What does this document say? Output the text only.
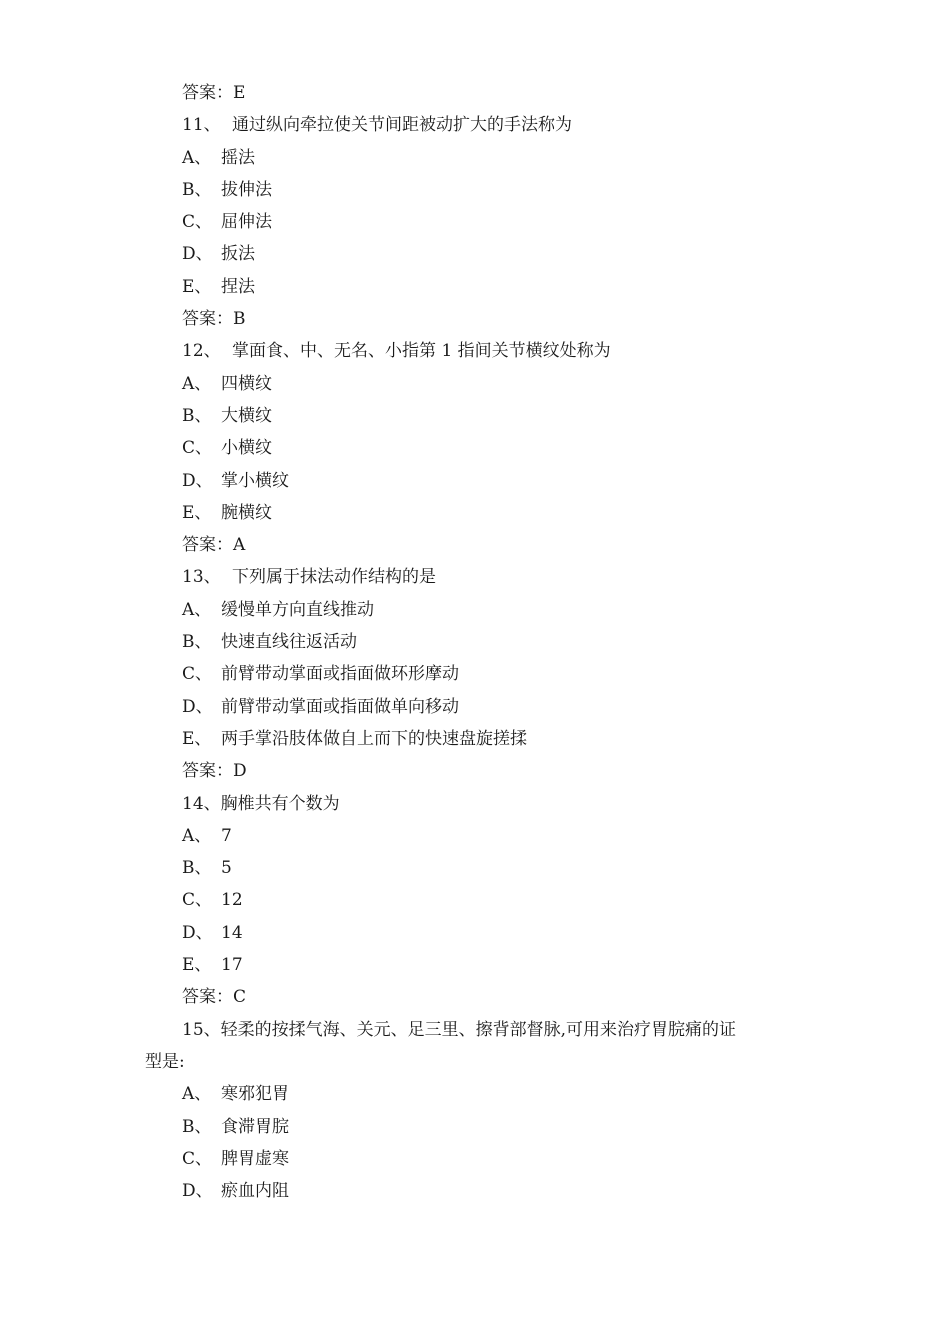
答案：E
11、 通过纵向牵拉使关节间距被动扩大的手法称为
A、 摇法
B、 拔伸法
C、 屈伸法
D、 扳法
E、 捏法
答案：B
12、 掌面食、中、无名、小指第 1 指间关节横纹处称为
A、 四横纹
B、 大横纹
C、 小横纹
D、 掌小横纹
E、 腕横纹
答案：A
13、 下列属于抹法动作结构的是
A、 缓慢单方向直线推动
B、 快速直线往返活动
C、 前臂带动掌面或指面做环形摩动
D、 前臂带动掌面或指面做单向移动
E、 两手掌沿肢体做自上而下的快速盘旋搓揉
答案：D
14、胸椎共有个数为
A、 7
B、 5
C、 12
D、 14
E、 17
答案：C
15、轻柔的按揉气海、关元、足三里、擦背部督脉,可用来治疗胃脘痛的证
型是:
A、 寒邪犯胃
B、 食滞胃脘
C、 脾胃虚寒
D、 瘀血内阻
